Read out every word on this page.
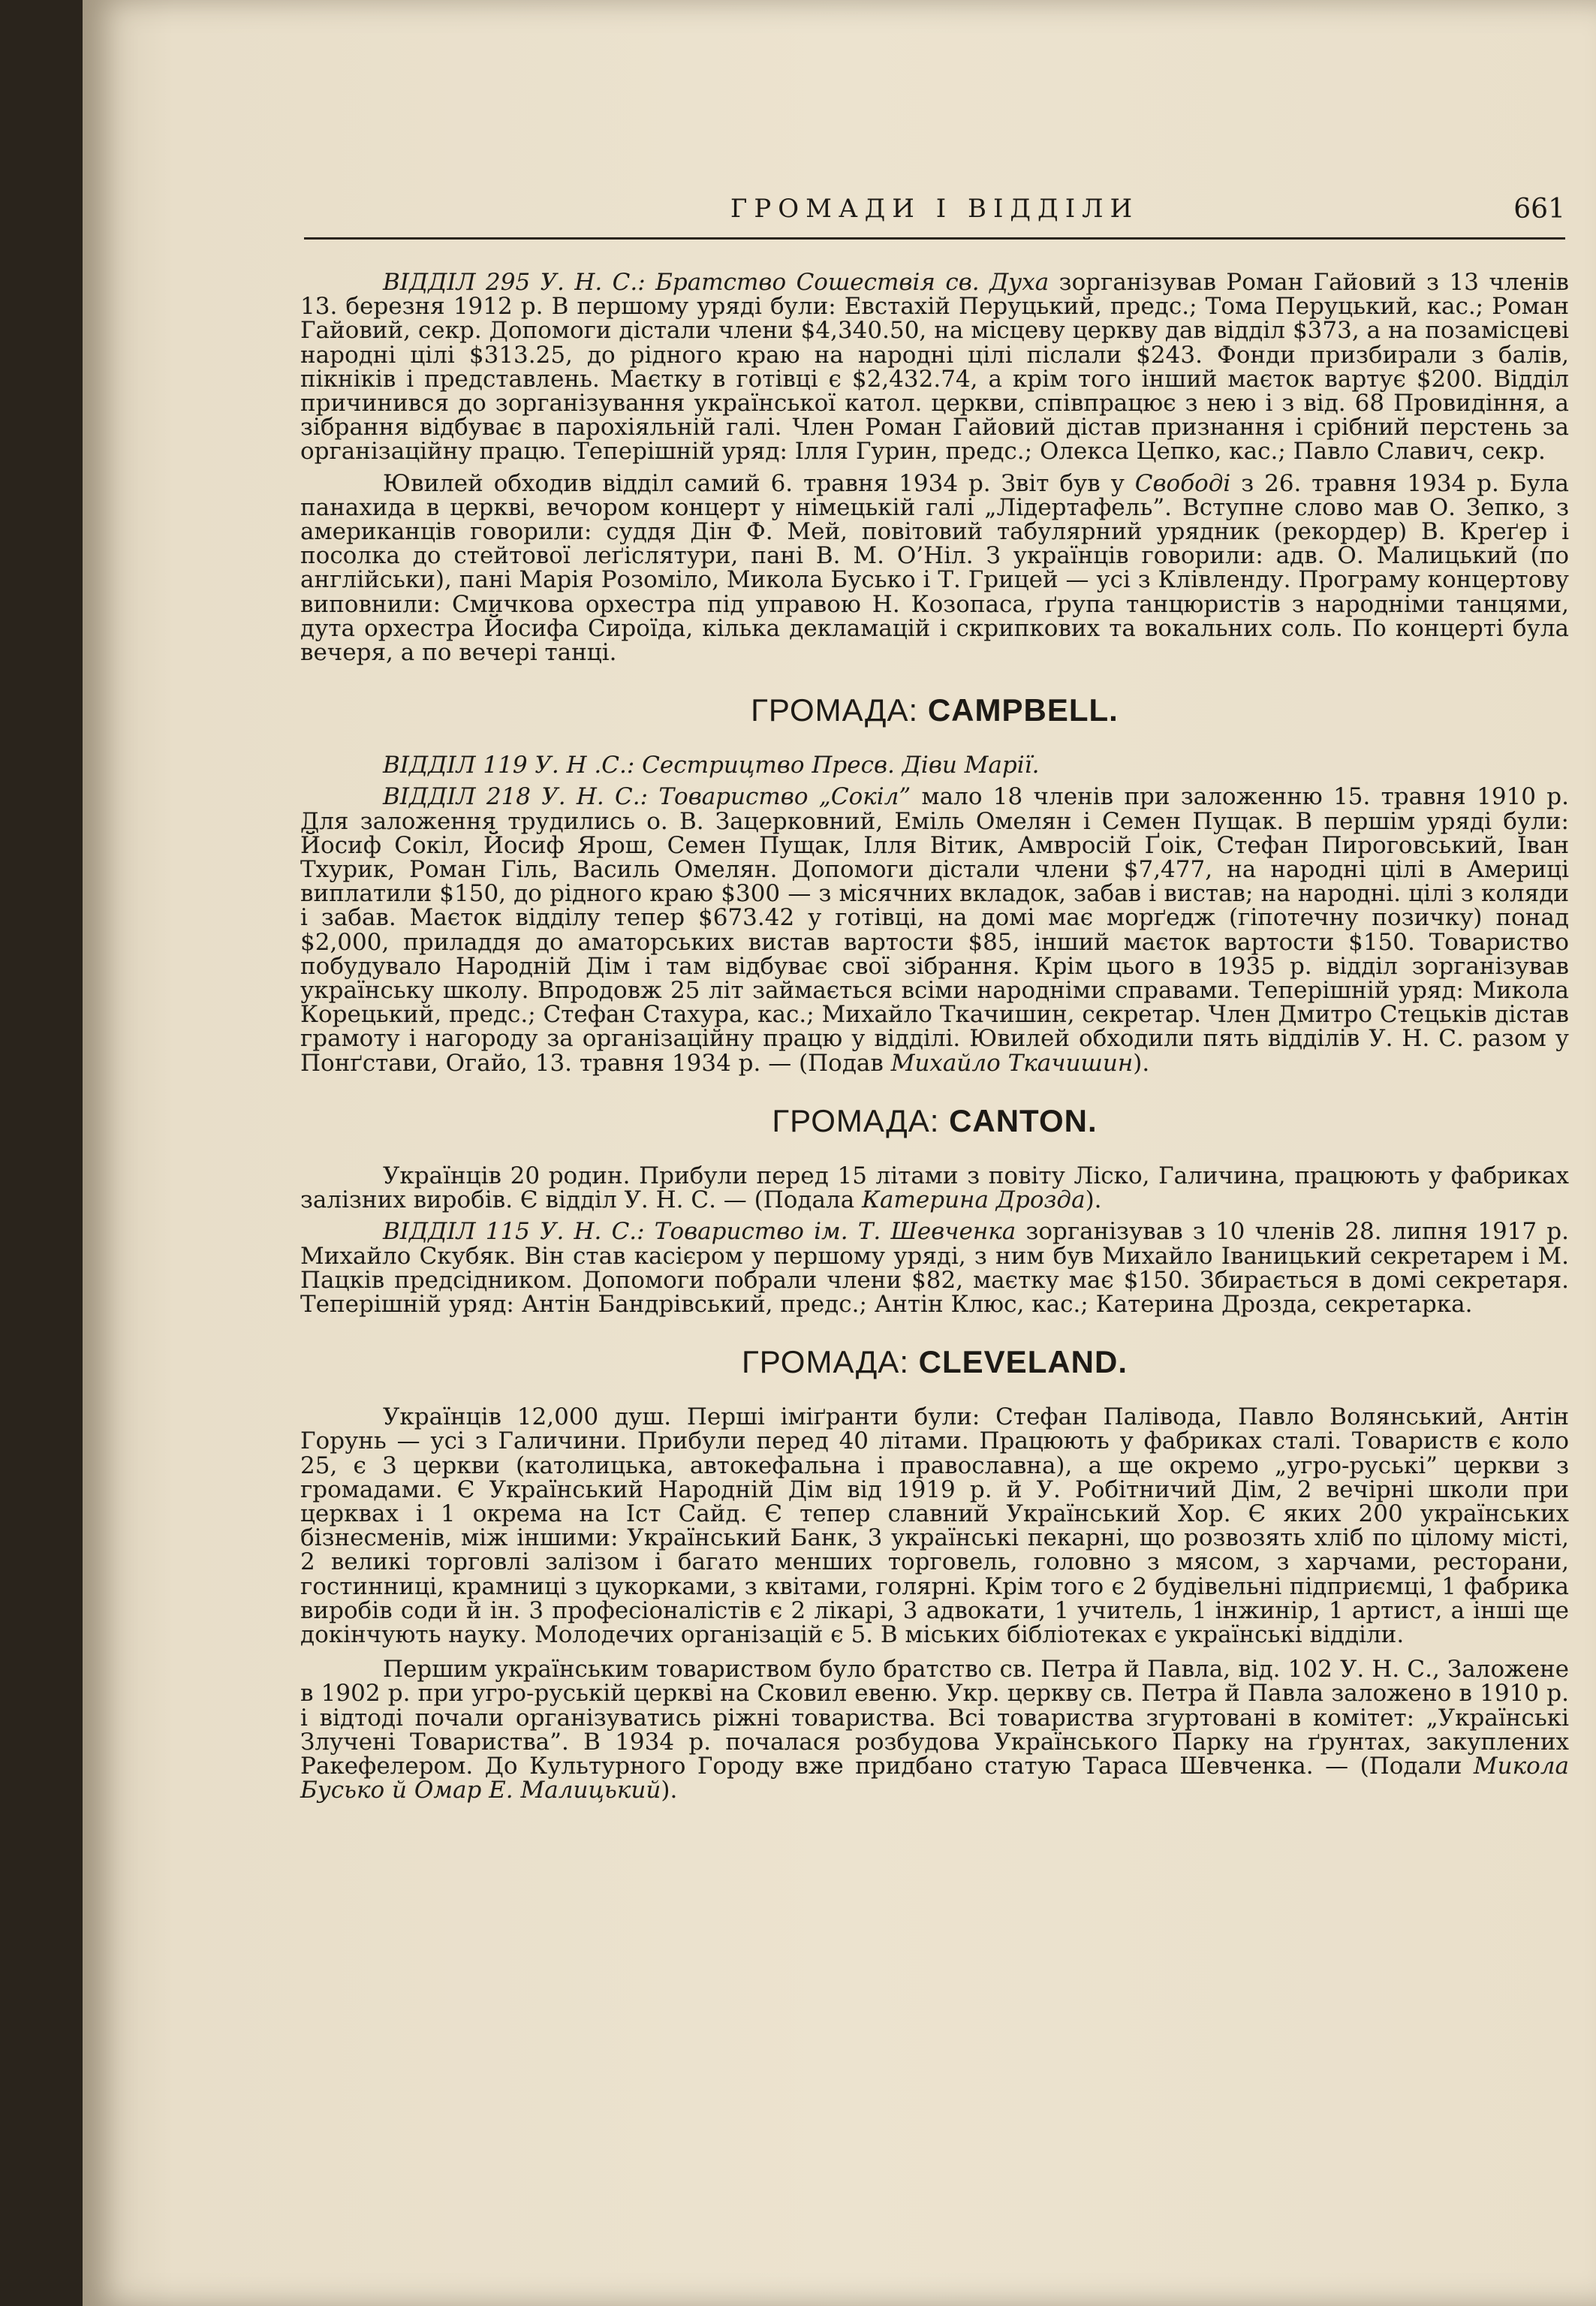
ГРОМАДИ І ВІДДІЛИ	661

ВІДДІЛ 295 У. Н. С.: Братство Сошествія св. Духа зорганізував Роман Гайовий з 13 членів 13. березня 1912 р. В першому уряді були: Евстахій Перуцький, предс.; Тома Перуцький, кас.; Роман Гайовий, секр. Допомоги дістали члени $4,340.50, на місцеву церкву дав відділ $373, а на позамісцеві народні цілі $313.25, до рідного краю на народні цілі післали $243. Фонди призбирали з балів, пікніків і представлень. Маєтку в готівці є $2,432.74, а крім того інший маєток вартує $200. Відділ причинився до зорганізування української катол. церкви, співпрацює з нею і з від. 68 Провидіння, а зібрання відбуває в парохіяльній галі. Член Роман Гайовий дістав признання і срібний перстень за організаційну працю. Теперішній уряд: Ілля Гурин, предс.; Олекса Цепко, кас.; Павло Славич, секр.

Ювилей обходив відділ самий 6. травня 1934 р. Звіт був у Свободі з 26. травня 1934 р. Була панахида в церкві, вечором концерт у німецькій галі „Лідертафель”. Вступне слово мав О. Зепко, з американців говорили: суддя Дін Ф. Мей, повітовий табулярний урядник (рекордер) В. Креґер і посолка до стейтової леґіслятури, пані В. М. О’Ніл. З українців говорили: адв. О. Малицький (по англійськи), пані Марія Розоміло, Микола Бусько і Т. Грицей — усі з Клівленду. Програму концертову виповнили: Смичкова орхестра під управою Н. Козопаса, ґрупа танцюристів з народніми танцями, дута орхестра Йосифа Сироїда, кілька декламацій і скрипкових та вокальних соль. По концерті була вечеря, а по вечері танці.

ГРОМАДА: CAMPBELL.

ВІДДІЛ 119 У. Н .С.: Сестрицтво Пресв. Діви Марії.

ВІДДІЛ 218 У. Н. С.: Товариство „Сокіл” мало 18 членів при заложенню 15. травня 1910 р. Для заложення трудились о. В. Зацерковний, Еміль Омелян і Семен Пущак. В першім уряді були: Йосиф Сокіл, Йосиф Ярош, Семен Пущак, Ілля Вітик, Амвросій Ґоік, Стефан Пироговський, Іван Тхурик, Роман Гіль, Василь Омелян. Допомоги дістали члени $7,477, на народні цілі в Америці виплатили $150, до рідного краю $300 — з місячних вкладок, забав і вистав; на народні. цілі з коляди і забав. Маєток відділу тепер $673.42 у готівці, на домі має морґедж (гіпотечну позичку) понад $2,000, приладдя до аматорських вистав вартости $85, інший маєток вартости $150. Товариство побудувало Народній Дім і там відбуває свої зібрання. Крім цього в 1935 р. відділ зорганізував українську школу. Впродовж 25 літ займається всіми народніми справами. Теперішній уряд: Микола Корецький, предс.; Стефан Стахура, кас.; Михайло Ткачишин, секретар. Член Дмитро Стецьків дістав грамоту і нагороду за організаційну працю у відділі. Ювилей обходили пять відділів У. Н. С. разом у Понґстави, Огайо, 13. травня 1934 р. — (Подав Михайло Ткачишин).

ГРОМАДА: CANTON.

Українців 20 родин. Прибули перед 15 літами з повіту Ліско, Галичина, працюють у фабриках залізних виробів. Є відділ У. Н. С. — (Подала Катерина Дрозда).

ВІДДІЛ 115 У. Н. С.: Товариство ім. Т. Шевченка зорганізував з 10 членів 28. липня 1917 р. Михайло Скубяк. Він став касієром у першому уряді, з ним був Михайло Іваницький секретарем і М. Пацків предсідником. Допомоги побрали члени $82, маєтку має $150. Збирається в домі секретаря. Теперішній уряд: Антін Бандрівський, предс.; Антін Клюс, кас.; Катерина Дрозда, секретарка.

ГРОМАДА: CLEVELAND.

Українців 12,000 душ. Перші іміґранти були: Стефан Палівода, Павло Волянський, Антін Горунь — усі з Галичини. Прибули перед 40 літами. Працюють у фабриках сталі. Товариств є коло 25, є 3 церкви (католицька, автокефальна і православна), а ще окремо „угро-руські” церкви з громадами. Є Український Народній Дім від 1919 р. й У. Робітничий Дім, 2 вечірні школи при церквах і 1 окрема на Іст Сайд. Є тепер славний Український Хор. Є яких 200 українських бізнесменів, між іншими: Український Банк, 3 українські пекарні, що розвозять хліб по цілому місті, 2 великі торговлі залізом і багато менших торговель, головно з мясом, з харчами, ресторани, гостинниці, крамниці з цукорками, з квітами, голярні. Крім того є 2 будівельні підприємці, 1 фабрика виробів соди й ін. 3 професіоналістів є 2 лікарі, 3 адвокати, 1 учитель, 1 інжинір, 1 артист, а інші ще докінчують науку. Молодечих організацій є 5. В міських бібліотеках є українські відділи.

Першим українським товариством було братство св. Петра й Павла, від. 102 У. Н. С., Заложене в 1902 р. при угро-руській церкві на Сковил евеню. Укр. церкву св. Петра й Павла заложено в 1910 р. і відтоді почали організуватись ріжні товариства. Всі товариства згуртовані в комітет: „Українські Злучені Товариства”. В 1934 р. почалася розбудова Українського Парку на ґрунтах, закуплених Ракефелером. До Культурного Городу вже придбано статую Тараса Шевченка. — (Подали Микола Бусько й Омар Е. Малицький).
